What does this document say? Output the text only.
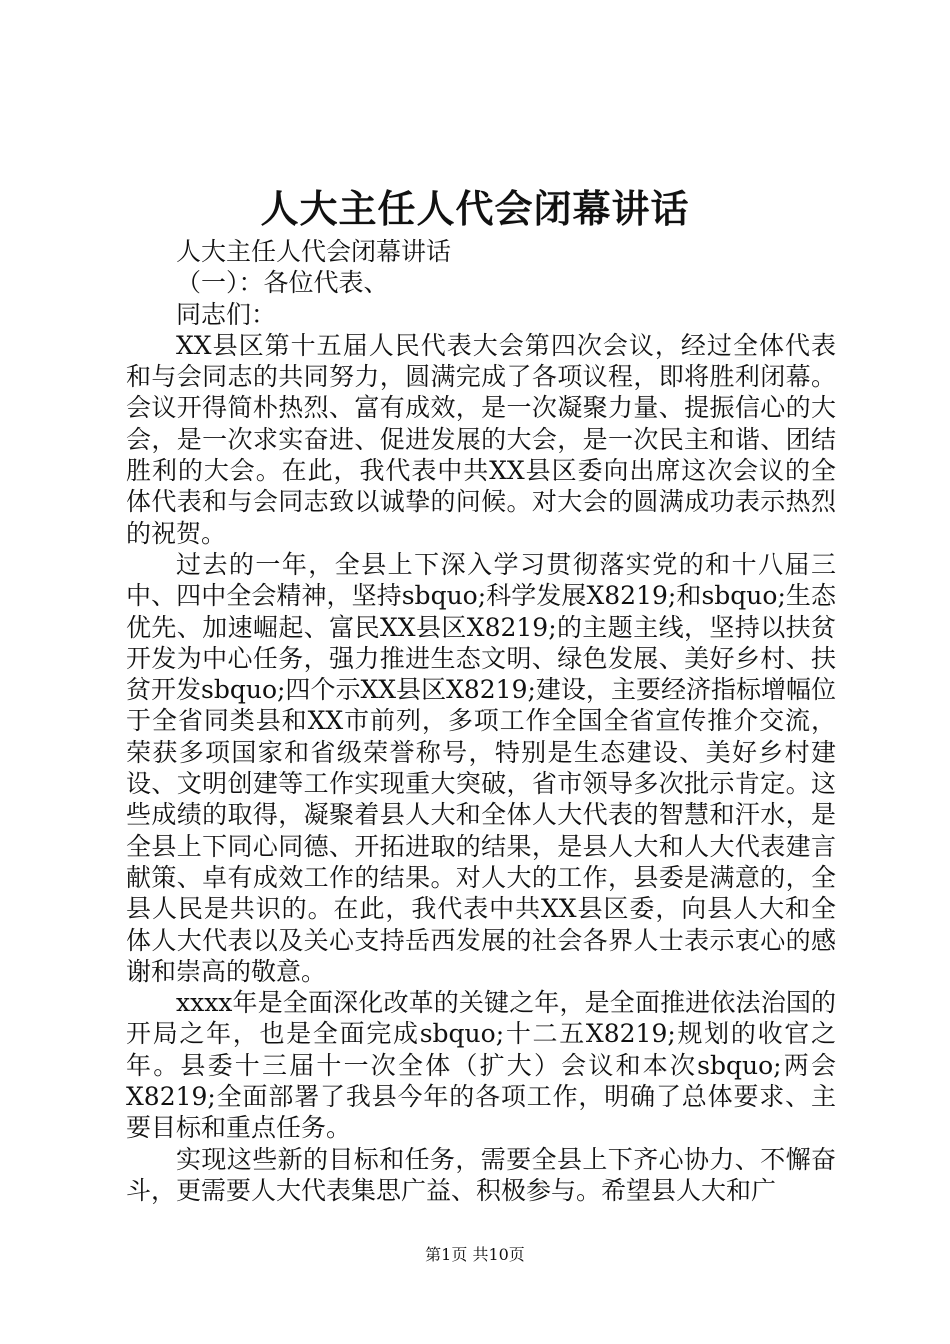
人大主任人代会闭幕讲话

人大主任人代会闭幕讲话

（一）：各位代表、

同志们：

XX县区第十五届人民代表大会第四次会议，经过全体代表和与会同志的共同努力，圆满完成了各项议程，即将胜利闭幕。会议开得简朴热烈、富有成效，是一次凝聚力量、提振信心的大会，是一次求实奋进、促进发展的大会，是一次民主和谐、团结胜利的大会。在此，我代表中共XX县区委向出席这次会议的全体代表和与会同志致以诚挚的问候。对大会的圆满成功表示热烈的祝贺。

过去的一年，全县上下深入学习贯彻落实党的和十八届三中、四中全会精神，坚持sbquo;科学发展X8219;和sbquo;生态优先、加速崛起、富民XX县区X8219;的主题主线，坚持以扶贫开发为中心任务，强力推进生态文明、绿色发展、美好乡村、扶贫开发sbquo;四个示XX县区X8219;建设，主要经济指标增幅位于全省同类县和XX市前列，多项工作全国全省宣传推介交流，荣获多项国家和省级荣誉称号，特别是生态建设、美好乡村建设、文明创建等工作实现重大突破，省市领导多次批示肯定。这些成绩的取得，凝聚着县人大和全体人大代表的智慧和汗水，是全县上下同心同德、开拓进取的结果，是县人大和人大代表建言献策、卓有成效工作的结果。对人大的工作，县委是满意的，全县人民是共识的。在此，我代表中共XX县区委，向县人大和全体人大代表以及关心支持岳西发展的社会各界人士表示衷心的感谢和崇高的敬意。

xxxx年是全面深化改革的关键之年，是全面推进依法治国的开局之年，也是全面完成sbquo;十二五X8219;规划的收官之年。县委十三届十一次全体（扩大）会议和本次sbquo;两会X8219;全面部署了我县今年的各项工作，明确了总体要求、主要目标和重点任务。

实现这些新的目标和任务，需要全县上下齐心协力、不懈奋斗，更需要人大代表集思广益、积极参与。希望县人大和广

第1页 共10页
